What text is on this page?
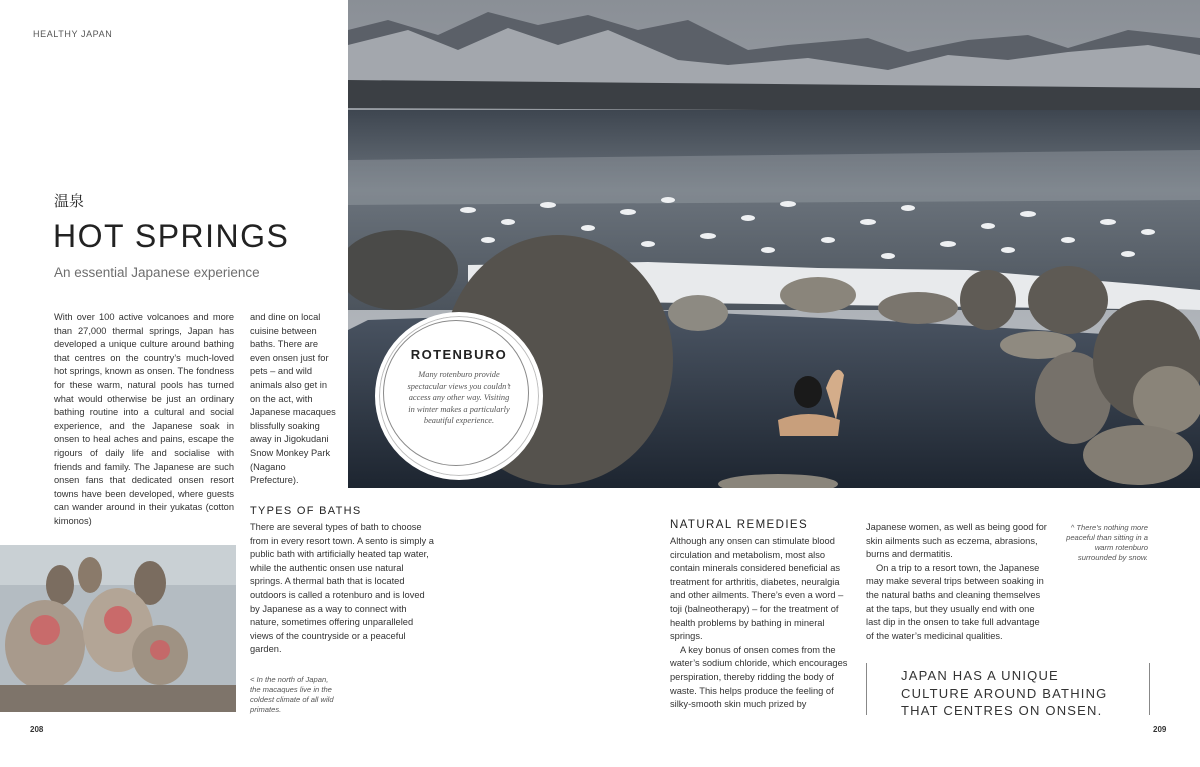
HEALTHY JAPAN
温泉
HOT SPRINGS
An essential Japanese experience
With over 100 active volcanoes and more than 27,000 thermal springs, Japan has developed a unique culture around bathing that centres on the country’s much-loved hot springs, known as onsen. The fondness for these warm, natural pools has turned what would otherwise be just an ordinary bathing routine into a cultural and social experience, and the Japanese soak in onsen to heal aches and pains, escape the rigours of daily life and socialise with friends and family. The Japanese are such onsen fans that dedicated onsen resort towns have been developed, where guests can wander around in their yukatas (cotton kimonos)
and dine on local cuisine between baths. There are even onsen just for pets – and wild animals also get in on the act, with Japanese macaques blissfully soaking away in Jigokudani Snow Monkey Park (Nagano Prefecture).
TYPES OF BATHS
There are several types of bath to choose from in every resort town. A sento is simply a public bath with artificially heated tap water, while the authentic onsen use natural springs. A thermal bath that is located outdoors is called a rotenburo and is loved by Japanese as a way to connect with nature, sometimes offering unparalleled views of the countryside or a peaceful garden.
< In the north of Japan, the macaques live in the coldest climate of all wild primates.
ROTENBURO
Many rotenburo provide spectacular views you couldn’t access any other way. Visiting in winter makes a particularly beautiful experience.
NATURAL REMEDIES
Although any onsen can stimulate blood circulation and metabolism, most also contain minerals considered beneficial as treatment for arthritis, diabetes, neuralgia and other ailments. There’s even a word – toji (balneotherapy) – for the treatment of health problems by bathing in mineral springs.
A key bonus of onsen comes from the water’s sodium chloride, which encourages perspiration, thereby ridding the body of waste. This helps produce the feeling of silky-smooth skin much prized by
Japanese women, as well as being good for skin ailments such as eczema, abrasions, burns and dermatitis.
On a trip to a resort town, the Japanese may make several trips between soaking in the natural baths and cleaning themselves at the taps, but they usually end with one last dip in the onsen to take full advantage of the water’s medicinal qualities.
^ There’s nothing more peaceful than sitting in a warm rotenburo surrounded by snow.
JAPAN HAS A UNIQUE CULTURE AROUND BATHING THAT CENTRES ON ONSEN.
208	209
